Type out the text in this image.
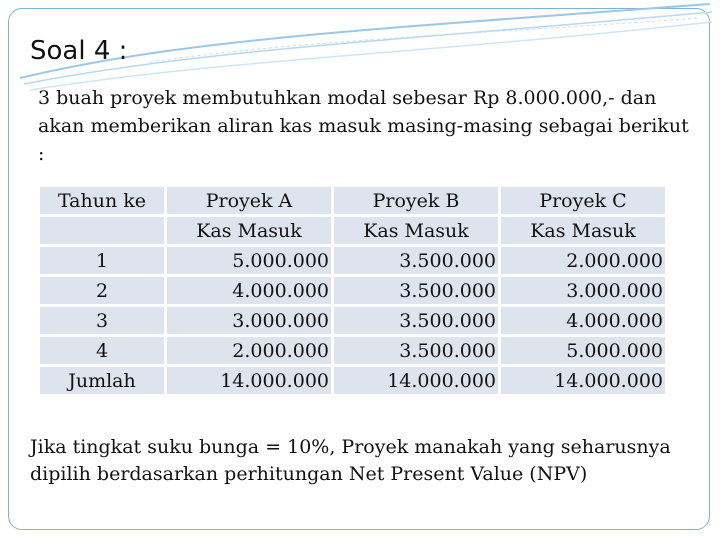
Soal 4 :
3 buah proyek membutuhkan modal sebesar Rp 8.000.000,- dan akan memberikan aliran kas masuk masing-masing sebagai berikut :
Tahun ke	Proyek A	Proyek B	Proyek C
	Kas Masuk	Kas Masuk	Kas Masuk
1	5.000.000	3.500.000	2.000.000
2	4.000.000	3.500.000	3.000.000
3	3.000.000	3.500.000	4.000.000
4	2.000.000	3.500.000	5.000.000
Jumlah	14.000.000	14.000.000	14.000.000
Jika tingkat suku bunga = 10%, Proyek manakah yang seharusnya dipilih berdasarkan perhitungan Net Present Value (NPV)
